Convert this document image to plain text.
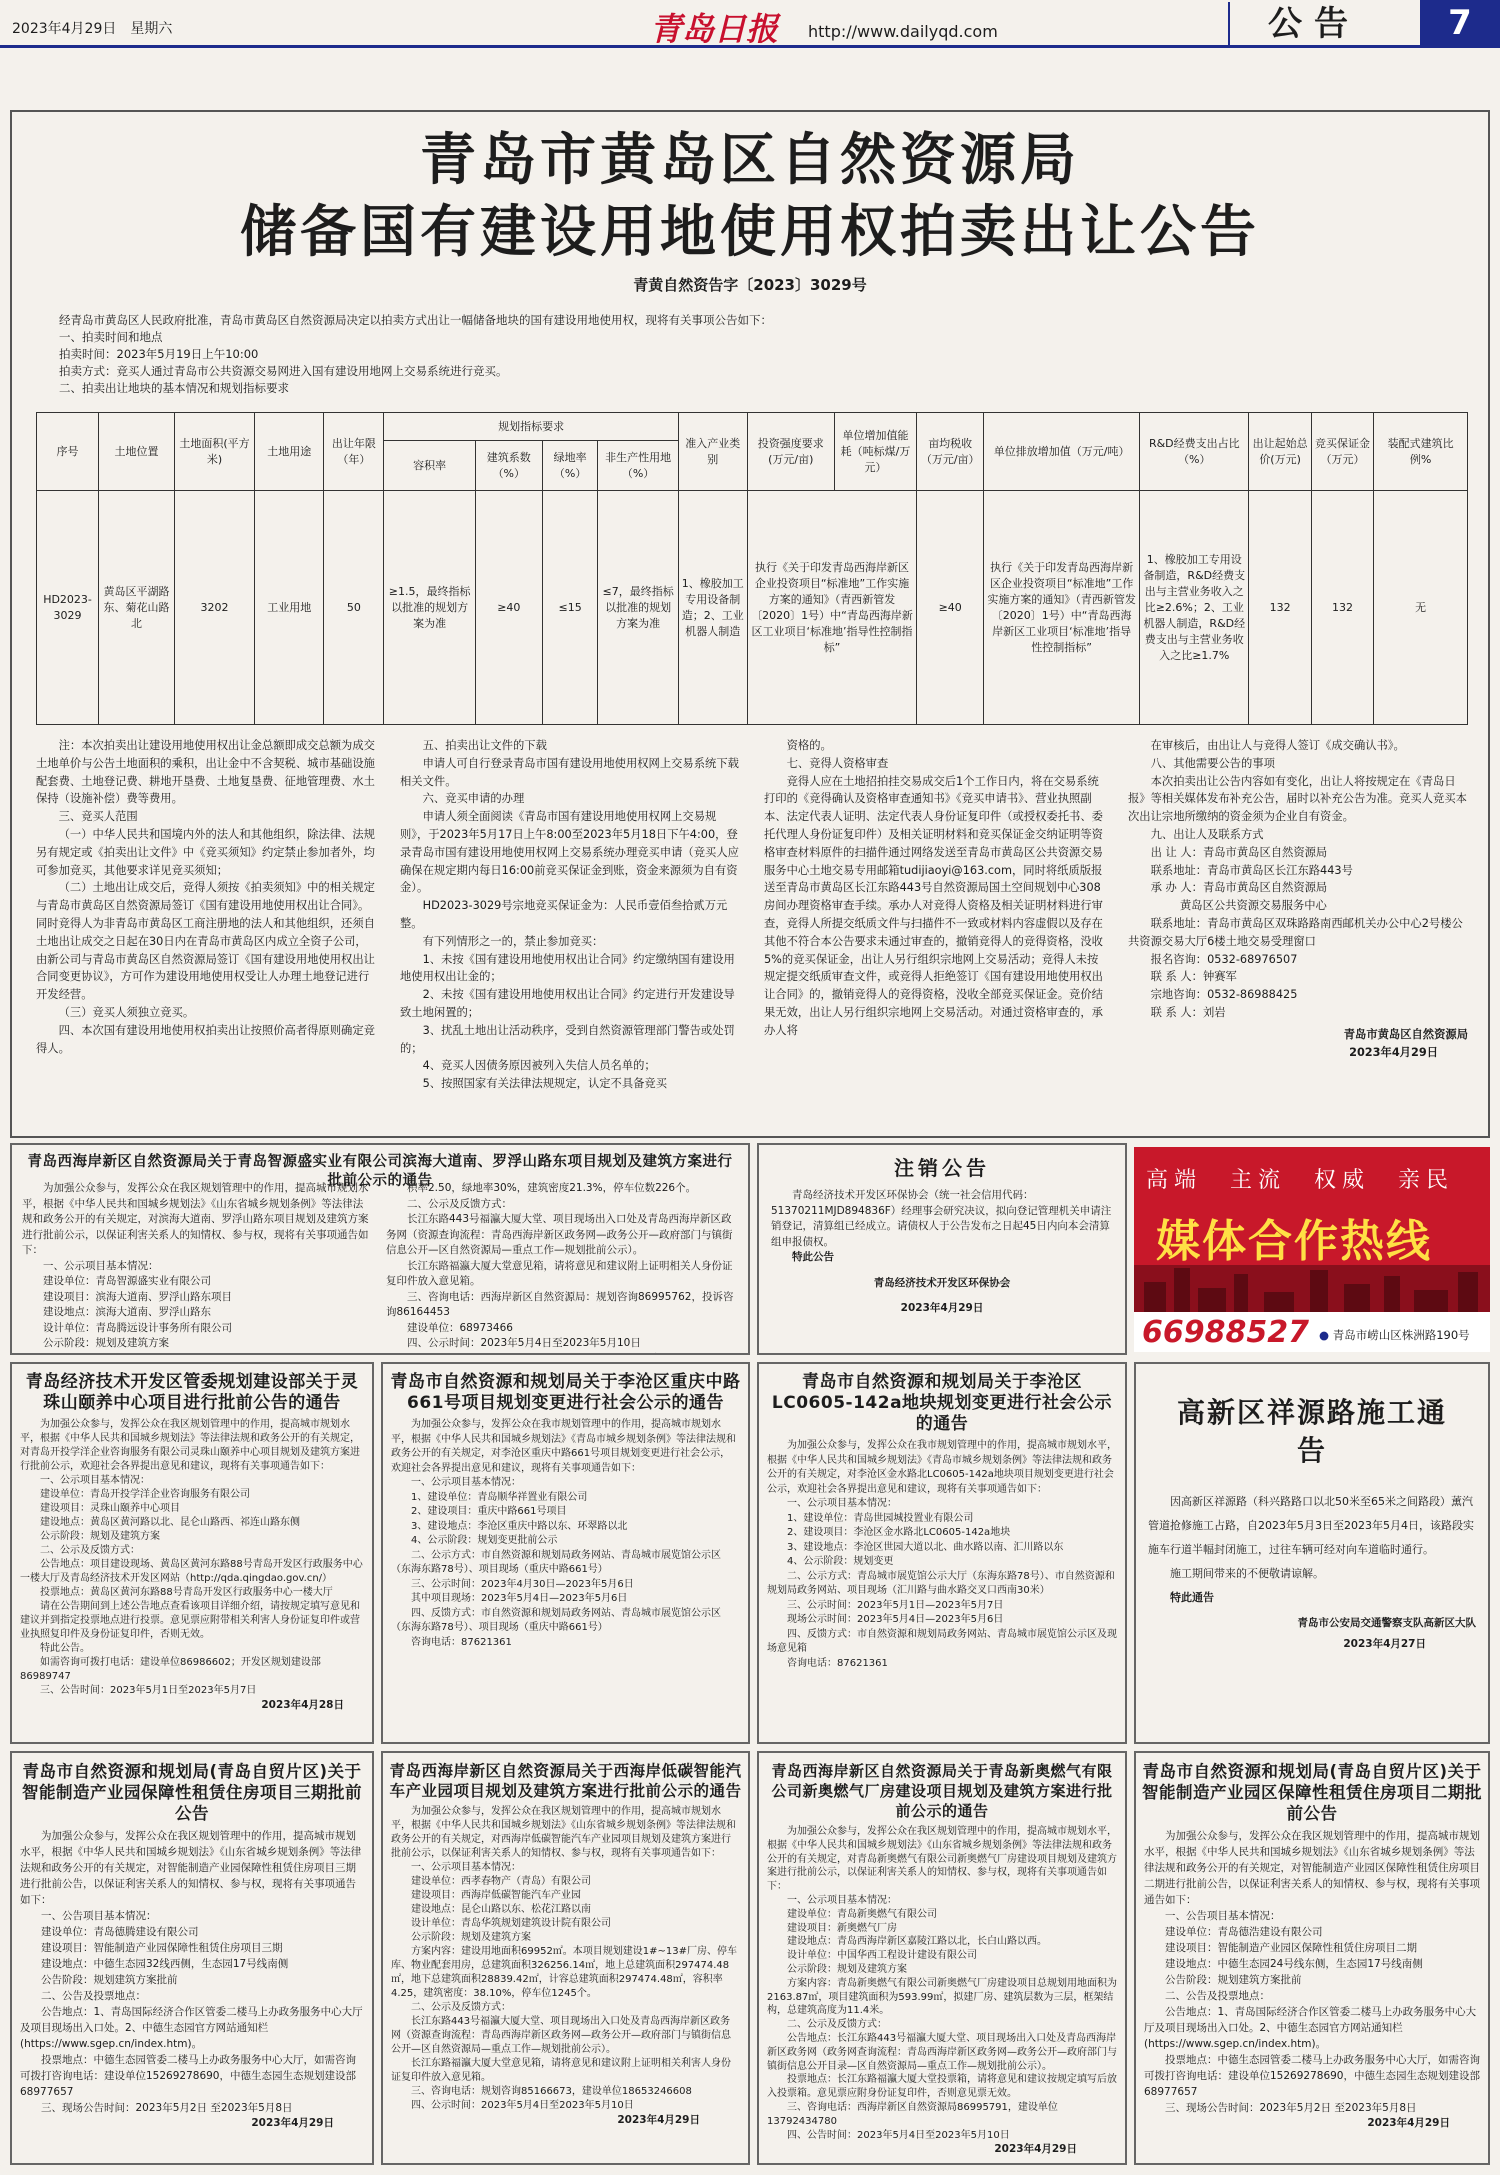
2023年4月29日　星期六	青岛日报 http://www.dailyqd.com	公告	7
青岛市黄岛区自然资源局
储备国有建设用地使用权拍卖出让公告
青黄自然资告字〔2023〕3029号
经青岛市黄岛区人民政府批准，青岛市黄岛区自然资源局决定以拍卖方式出让一幅储备地块的国有建设用地使用权，现将有关事项公告如下：
一、拍卖时间和地点
拍卖时间：2023年5月19日上午10:00
拍卖方式：竞买人通过青岛市公共资源交易网进入国有建设用地网上交易系统进行竞买。
二、拍卖出让地块的基本情况和规划指标要求
序号	土地位置	土地面积(平方米)	土地用途	出让年限（年）	规划指标要求				准入产业类别	投资强度要求(万元/亩)	单位增加值能耗（吨标煤/万元）	亩均税收（万元/亩）	单位排放增加值（万元/吨）	R&D经费支出占比（%）	出让起始总价(万元)	竞买保证金（万元）	装配式建筑比例%
					容积率	建筑系数（%）	绿地率（%）	非生产性用地（%）									
HD2023-3029	黄岛区平湖路东、菊花山路北	3202	工业用地	50	≥1.5，最终指标以批准的规划方案为准	≥40	≤15	≤7，最终指标以批准的规划方案为准	1、橡胶加工专用设备制造；2、工业机器人制造	执行《关于印发青岛西海岸新区企业投资项目“标准地”工作实施方案的通知》（青西新管发〔2020〕1号）中“青岛西海岸新区工业项目‘标准地’指导性控制指标”		≥40	执行《关于印发青岛西海岸新区企业投资项目“标准地”工作实施方案的通知》（青西新管发〔2020〕1号）中“青岛西海岸新区工业项目‘标准地’指导性控制指标”	1、橡胶加工专用设备制造，R&D经费支出与主营业务收入之比≥2.6%；2、工业机器人制造，R&D经费支出与主营业务收入之比≥1.7%	132	132	无
注：本次拍卖出让建设用地使用权出让金总额即成交总额为成交土地单价与公告土地面积的乘积，出让金中不含契税、城市基础设施配套费、土地登记费、耕地开垦费、土地复垦费、征地管理费、水土保持（设施补偿）费等费用。
三、竞买人范围
（一）中华人民共和国境内外的法人和其他组织，除法律、法规另有规定或《拍卖出让文件》中《竞买须知》约定禁止参加者外，均可参加竞买，其他要求详见竞买须知；
（二）土地出让成交后，竞得人须按《拍卖须知》中的相关规定与青岛市黄岛区自然资源局签订《国有建设用地使用权出让合同》。同时竞得人为非青岛市黄岛区工商注册地的法人和其他组织，还须自土地出让成交之日起在30日内在青岛市黄岛区内成立全资子公司，由新公司与青岛市黄岛区自然资源局签订《国有建设用地使用权出让合同变更协议》，方可作为建设用地使用权受让人办理土地登记进行开发经营。
（三）竞买人须独立竞买。
四、本次国有建设用地使用权拍卖出让按照价高者得原则确定竞得人。
五、拍卖出让文件的下载
申请人可自行登录青岛市国有建设用地使用权网上交易系统下载相关文件。
六、竞买申请的办理
申请人须全面阅读《青岛市国有建设用地使用权网上交易规则》，于2023年5月17日上午8:00至2023年5月18日下午4:00，登录青岛市国有建设用地使用权网上交易系统办理竞买申请（竞买人应确保在规定期内每日16:00前竞买保证金到账，资金来源须为自有资金）。
HD2023-3029号宗地竞买保证金为：人民币壹佰叁拾贰万元整。
有下列情形之一的，禁止参加竞买：
1、未按《国有建设用地使用权出让合同》约定缴纳国有建设用地使用权出让金的；
2、未按《国有建设用地使用权出让合同》约定进行开发建设导致土地闲置的；
3、扰乱土地出让活动秩序，受到自然资源管理部门警告或处罚的；
4、竞买人因债务原因被列入失信人员名单的；
5、按照国家有关法律法规规定，认定不具备竞买
资格的。
七、竞得人资格审查
竞得人应在土地招拍挂交易成交后1个工作日内，将在交易系统打印的《竞得确认及资格审查通知书》《竞买申请书》、营业执照副本、法定代表人证明、法定代表人身份证复印件（或授权委托书、委托代理人身份证复印件）及相关证明材料和竞买保证金交纳证明等资格审查材料原件的扫描件通过网络发送至青岛市黄岛区公共资源交易服务中心土地交易专用邮箱tudijiaoyi@163.com，同时将纸质版报送至青岛市黄岛区长江东路443号自然资源局国土空间规划中心308房间办理资格审查手续。承办人对竞得人资格及相关证明材料进行审查，竞得人所提交纸质文件与扫描件不一致或材料内容虚假以及存在其他不符合本公告要求未通过审查的，撤销竞得人的竞得资格，没收5%的竞买保证金，出让人另行组织宗地网上交易活动；竞得人未按规定提交纸质审查文件，或竞得人拒绝签订《国有建设用地使用权出让合同》的，撤销竞得人的竞得资格，没收全部竞买保证金。竞价结果无效，出让人另行组织宗地网上交易活动。对通过资格审查的，承办人将
在审核后，由出让人与竞得人签订《成交确认书》。
八、其他需要公告的事项
本次拍卖出让公告内容如有变化，出让人将按规定在《青岛日报》等相关媒体发布补充公告，届时以补充公告为准。竞买人竞买本次出让宗地所缴纳的资金须为企业自有资金。
九、出让人及联系方式
出 让 人：青岛市黄岛区自然资源局
联系地址：青岛市黄岛区长江东路443号
承 办 人：青岛市黄岛区自然资源局
黄岛区公共资源交易服务中心
联系地址：青岛市黄岛区双珠路路南西邮机关办公中心2号楼公共资源交易大厅6楼土地交易受理窗口
报名咨询：0532-68976507
联 系 人：钟赛军
宗地咨询：0532-86988425
联 系 人：刘岩
青岛市黄岛区自然资源局
2023年4月29日
青岛西海岸新区自然资源局关于青岛智源盛实业有限公司滨海大道南、罗浮山路东项目规划及建筑方案进行批前公示的通告
为加强公众参与，发挥公众在我区规划管理中的作用，提高城市规划水平，根据《中华人民共和国城乡规划法》《山东省城乡规划条例》等法律法规和政务公开的有关规定，对滨海大道南、罗浮山路东项目规划及建筑方案进行批前公示，以保证利害关系人的知情权、参与权，现将有关事项通告如下：
一、公示项目基本情况：
建设单位：青岛智源盛实业有限公司
建设项目：滨海大道南、罗浮山路东项目
建设地点：滨海大道南、罗浮山路东
设计单位：青岛腾远设计事务所有限公司
公示阶段：规划及建筑方案
积率2.50，绿地率30%，建筑密度21.3%，停车位数226个。
二、公示及反馈方式：
长江东路443号福瀛大厦大堂、项目现场出入口处及青岛西海岸新区政务网（资源查询流程：青岛西海岸新区政务网—政务公开—政府部门与镇街信息公开—区自然资源局—重点工作—规划批前公示）。
长江东路福瀛大厦大堂意见箱，请将意见和建议附上证明相关人身份证复印件放入意见箱。
三、咨询电话：西海岸新区自然资源局：规划咨询86995762，投诉咨询86164453
建设单位：68973466
四、公示时间：2023年5月4日至2023年5月10日
注销公告
青岛经济技术开发区环保协会（统一社会信用代码：51370211MJD894836F）经理事会研究决议，拟向登记管理机关申请注销登记，清算组已经成立。请债权人于公告发布之日起45日内向本会清算组申报债权。
特此公告
青岛经济技术开发区环保协会
2023年4月29日
高端　主流　权威　亲民
媒体合作热线
66988527 ● 青岛市崂山区株洲路190号
青岛经济技术开发区管委规划建设部关于灵珠山颐养中心项目进行批前公告的通告
为加强公众参与，发挥公众在我区规划管理中的作用，提高城市规划水平，根据《中华人民共和国城乡规划法》等法律法规和政务公开的有关规定，对青岛开投学洋企业咨询服务有限公司灵珠山颐养中心项目规划及建筑方案进行批前公示，欢迎社会各界提出意见和建议，现将有关事项通告如下：
一、公示项目基本情况：
建设单位：青岛开投学洋企业咨询服务有限公司
建设项目：灵珠山颐养中心项目
建设地点：黄岛区黄河路以北、昆仑山路西、祁连山路东侧
公示阶段：规划及建筑方案
二、公示及反馈方式：
公告地点：项目建设现场、黄岛区黄河东路88号青岛开发区行政服务中心一楼大厅及青岛经济技术开发区网站（http://qda.qingdao.gov.cn/）
投票地点：黄岛区黄河东路88号青岛开发区行政服务中心一楼大厅
请在公告期间到上述公告地点查看该项目详细介绍，请按规定填写意见和建议并到指定投票地点进行投票。意见票应附带相关利害人身份证复印件或营业执照复印件及身份证复印件，否则无效。
特此公告。
如需咨询可拨打电话：建设单位86986602；开发区规划建设部86989747
三、公告时间：2023年5月1日至2023年5月7日
2023年4月28日
青岛市自然资源和规划局关于李沧区重庆中路661号项目规划变更进行社会公示的通告
为加强公众参与，发挥公众在我市规划管理中的作用，提高城市规划水平，根据《中华人民共和国城乡规划法》《青岛市城乡规划条例》等法律法规和政务公开的有关规定，对李沧区重庆中路661号项目规划变更进行社会公示，欢迎社会各界提出意见和建议，现将有关事项通告如下：
一、公示项目基本情况：
1、建设单位：青岛顺华祥置业有限公司
2、建设项目：重庆中路661号项目
3、建设地点：李沧区重庆中路以东、环翠路以北
4、公示阶段：规划变更批前公示
二、公示方式：市自然资源和规划局政务网站、青岛城市展览馆公示区（东海东路78号）、项目现场（重庆中路661号）
三、公示时间：2023年4月30日—2023年5月6日
其中项目现场：2023年5月4日—2023年5月6日
四、反馈方式：市自然资源和规划局政务网站、青岛城市展览馆公示区（东海东路78号）、项目现场（重庆中路661号）
咨询电话：87621361
青岛市自然资源和规划局关于李沧区LC0605-142a地块规划变更进行社会公示的通告
为加强公众参与，发挥公众在我市规划管理中的作用，提高城市规划水平，根据《中华人民共和国城乡规划法》《青岛市城乡规划条例》等法律法规和政务公开的有关规定，对李沧区金水路北LC0605-142a地块项目规划变更进行社会公示，欢迎社会各界提出意见和建议，现将有关事项通告如下：
一、公示项目基本情况：
1、建设单位：青岛世园城投置业有限公司
2、建设项目：李沧区金水路北LC0605-142a地块
3、建设地点：李沧区世园大道以北、曲水路以南、汇川路以东
4、公示阶段：规划变更
二、公示方式：青岛城市展览馆公示大厅（东海东路78号）、市自然资源和规划局政务网站、项目现场（汇川路与曲水路交叉口西南30米）
三、公示时间：2023年5月1日—2023年5月7日
现场公示时间：2023年5月4日—2023年5月6日
四、反馈方式：市自然资源和规划局政务网站、青岛城市展览馆公示区及现场意见箱
咨询电话：87621361
高新区祥源路施工通告
因高新区祥源路（科兴路路口以北50米至65米之间路段）薰汽管道抢修施工占路，自2023年5月3日至2023年5月4日，该路段实施车行道半幅封闭施工，过往车辆可经对向车道临时通行。
施工期间带来的不便敬请谅解。
特此通告
青岛市公安局交通警察支队高新区大队
2023年4月27日
青岛市自然资源和规划局(青岛自贸片区)关于智能制造产业园保障性租赁住房项目三期批前公告
为加强公众参与，发挥公众在我区规划管理中的作用，提高城市规划水平，根据《中华人民共和国城乡规划法》《山东省城乡规划条例》等法律法规和政务公开的有关规定，对智能制造产业园保障性租赁住房项目三期进行批前公告，以保证利害关系人的知情权、参与权，现将有关事项通告如下：
一、公告项目基本情况：
建设单位：青岛德腾建设有限公司
建设项目：智能制造产业园保障性租赁住房项目三期
建设地点：中德生态园32线西侧，生态园17号线南侧
公告阶段：规划建筑方案批前
二、公告及投票地点：
公告地点：1、青岛国际经济合作区管委二楼马上办政务服务中心大厅及项目现场出入口处。2、中德生态园官方网站通知栏(https://www.sgep.cn/index.htm)。
投票地点：中德生态园管委二楼马上办政务服务中心大厅，如需咨询可拨打咨询电话：建设单位15269278690，中德生态园生态规划建设部68977657
三、现场公告时间：2023年5月2日 至2023年5月8日
2023年4月29日
青岛西海岸新区自然资源局关于西海岸低碳智能汽车产业园项目规划及建筑方案进行批前公示的通告
为加强公众参与，发挥公众在我区规划管理中的作用，提高城市规划水平，根据《中华人民共和国城乡规划法》《山东省城乡规划条例》等法律法规和政务公开的有关规定，对西海岸低碳智能汽车产业园项目规划及建筑方案进行批前公示，以保证利害关系人的知情权、参与权，现将有关事项通告如下：
一、公示项目基本情况：
建设单位：西孝春物产（青岛）有限公司
建设项目：西海岸低碳智能汽车产业园
建设地点：昆仑山路以东、松花江路以南
设计单位：青岛华筑规划建筑设计院有限公司
公示阶段：规划及建筑方案
方案内容：建设用地面积69952㎡。本项目规划建设1#~13#厂房、停车库、物业配套用房，总建筑面积326256.14㎡，地上总建筑面积297474.48㎡，地下总建筑面积28839.42㎡，计容总建筑面积297474.48㎡，容积率4.25，建筑密度：38.10%，停车位1245个。
二、公示及反馈方式：
长江东路443号福瀛大厦大堂、项目现场出入口处及青岛西海岸新区政务网（资源查询流程：青岛西海岸新区政务网—政务公开—政府部门与镇街信息公开—区自然资源局—重点工作—规划批前公示）。
长江东路福瀛大厦大堂意见箱，请将意见和建议附上证明相关利害人身份证复印件放入意见箱。
三、咨询电话：规划咨询85166673，建设单位18653246608
四、公示时间：2023年5月4日至2023年5月10日
2023年4月29日
青岛西海岸新区自然资源局关于青岛新奥燃气有限公司新奥燃气厂房建设项目规划及建筑方案进行批前公示的通告
为加强公众参与，发挥公众在我区规划管理中的作用，提高城市规划水平，根据《中华人民共和国城乡规划法》《山东省城乡规划条例》等法律法规和政务公开的有关规定，对青岛新奥燃气有限公司新奥燃气厂房建设项目规划及建筑方案进行批前公示，以保证利害关系人的知情权、参与权，现将有关事项通告如下：
一、公示项目基本情况：
建设单位：青岛新奥燃气有限公司
建设项目：新奥燃气厂房
建设地点：青岛西海岸新区嘉陵江路以北，长白山路以西。
设计单位：中国华西工程设计建设有限公司
公示阶段：规划及建筑方案
方案内容：青岛新奥燃气有限公司新奥燃气厂房建设项目总规划用地面积为2163.87㎡，项目建筑面积为593.99㎡，拟建厂房、建筑层数为三层，框架结构，总建筑高度为11.4米。
二、公示及反馈方式：
公告地点：长江东路443号福瀛大厦大堂、项目现场出入口处及青岛西海岸新区政务网（政务网查询流程：青岛西海岸新区政务网—政务公开—政府部门与镇街信息公开目录—区自然资源局—重点工作—规划批前公示）。
投票地点：长江东路福瀛大厦大堂投票箱，请将意见和建议按规定填写后放入投票箱。意见票应附身份证复印件，否则意见票无效。
三、咨询电话：西海岸新区自然资源局86995791，建设单位13792434780
四、公告时间：2023年5月4日至2023年5月10日
2023年4月29日
青岛市自然资源和规划局(青岛自贸片区)关于智能制造产业园区保障性租赁住房项目二期批前公告
为加强公众参与，发挥公众在我区规划管理中的作用，提高城市规划水平，根据《中华人民共和国城乡规划法》《山东省城乡规划条例》等法律法规和政务公开的有关规定，对智能制造产业园区保障性租赁住房项目二期进行批前公告，以保证利害关系人的知情权、参与权，现将有关事项通告如下：
一、公告项目基本情况：
建设单位：青岛德浩建设有限公司
建设项目：智能制造产业园区保障性租赁住房项目二期
建设地点：中德生态园24号线东侧，生态园17号线南侧
公告阶段：规划建筑方案批前
二、公告及投票地点：
公告地点：1、青岛国际经济合作区管委二楼马上办政务服务中心大厅及项目现场出入口处。2、中德生态园官方网站通知栏(https://www.sgep.cn/index.htm)。
投票地点：中德生态园管委二楼马上办政务服务中心大厅，如需咨询可拨打咨询电话：建设单位15269278690，中德生态园生态规划建设部68977657
三、现场公告时间：2023年5月2日 至2023年5月8日
2023年4月29日
